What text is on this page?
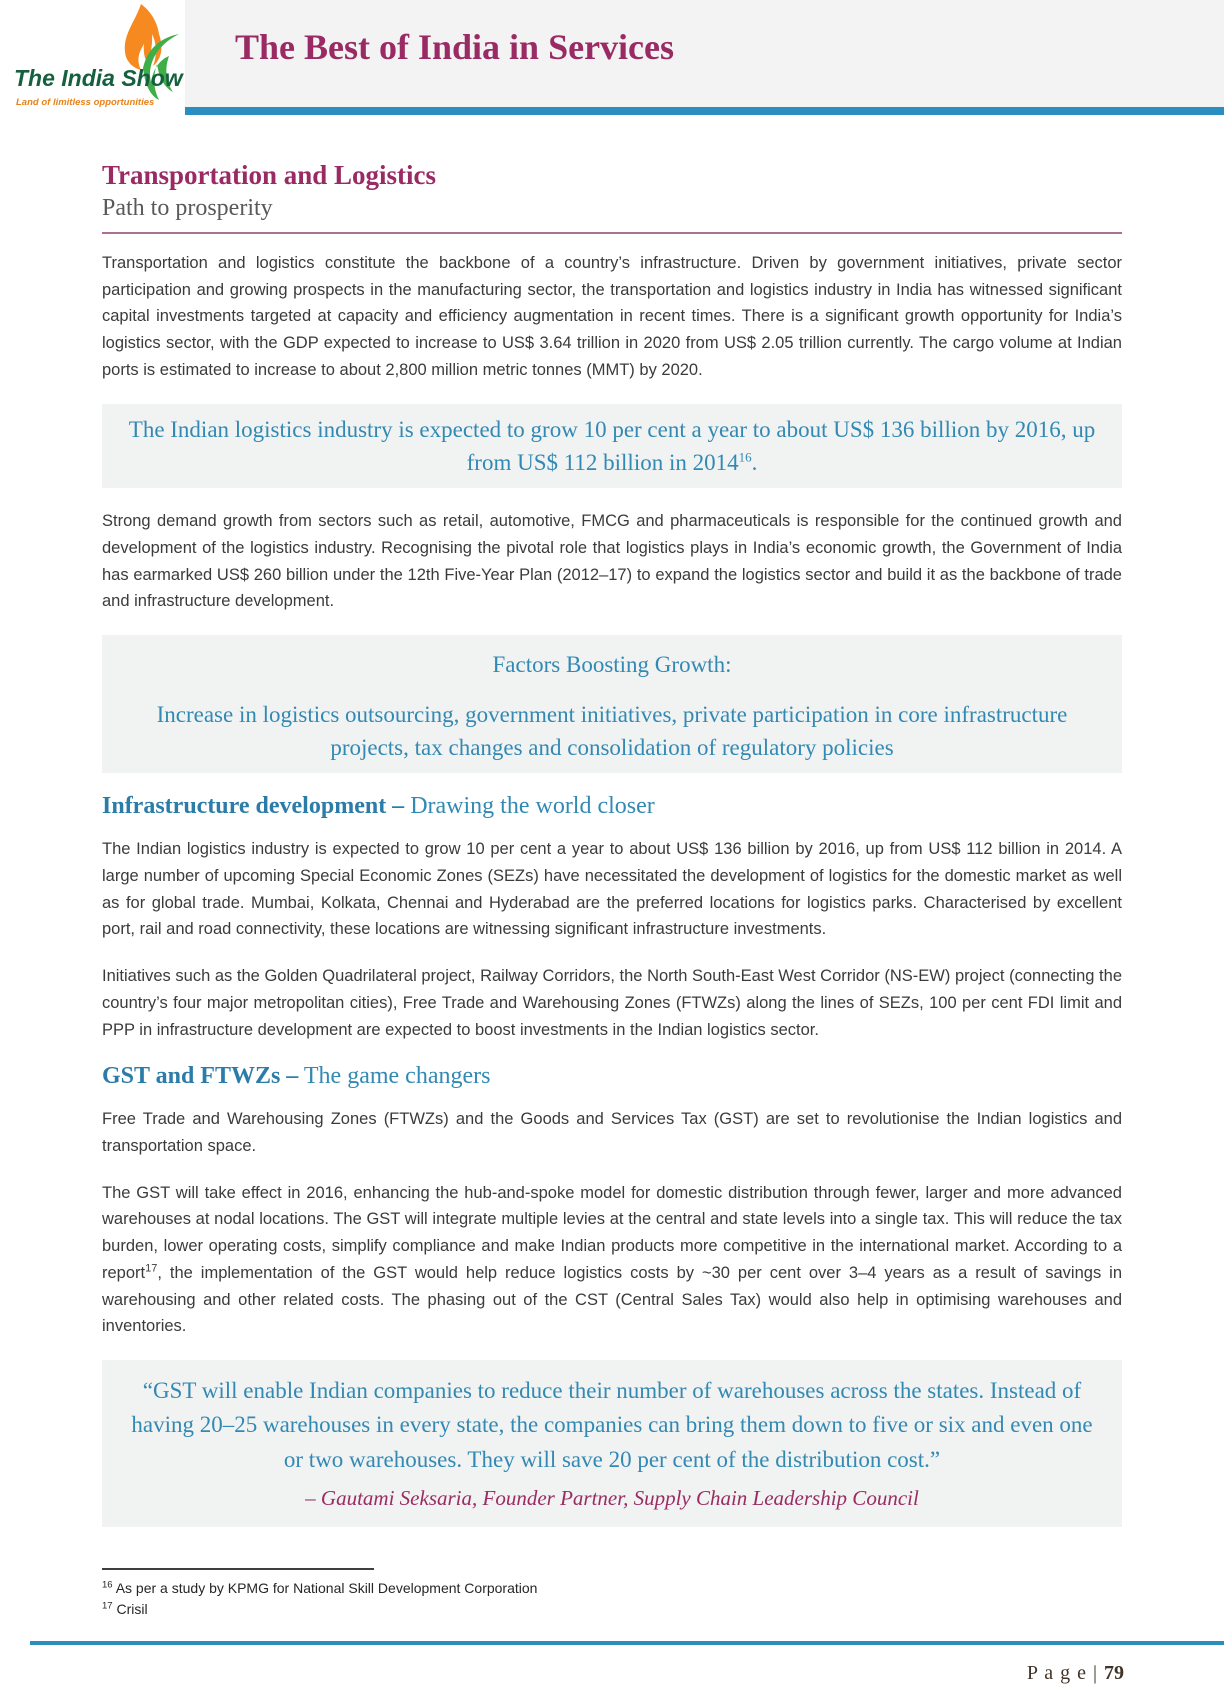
The Best of India in Services
The India Show
Land of limitless opportunities
Transportation and Logistics
Path to prosperity

Transportation and logistics constitute the backbone of a country’s infrastructure. Driven by government initiatives, private sector participation and growing prospects in the manufacturing sector, the transportation and logistics industry in India has witnessed significant capital investments targeted at capacity and efficiency augmentation in recent times. There is a significant growth opportunity for India’s logistics sector, with the GDP expected to increase to US$ 3.64 trillion in 2020 from US$ 2.05 trillion currently. The cargo volume at Indian ports is estimated to increase to about 2,800 million metric tonnes (MMT) by 2020.

The Indian logistics industry is expected to grow 10 per cent a year to about US$ 136 billion by 2016, up from US$ 112 billion in 2014$^{16}$.

Strong demand growth from sectors such as retail, automotive, FMCG and pharmaceuticals is responsible for the continued growth and development of the logistics industry. Recognising the pivotal role that logistics plays in India’s economic growth, the Government of India has earmarked US$ 260 billion under the 12th Five-Year Plan (2012–17) to expand the logistics sector and build it as the backbone of trade and infrastructure development.

Factors Boosting Growth:
Increase in logistics outsourcing, government initiatives, private participation in core infrastructure projects, tax changes and consolidation of regulatory policies
Infrastructure development – Drawing the world closer

The Indian logistics industry is expected to grow 10 per cent a year to about US$ 136 billion by 2016, up from US$ 112 billion in 2014. A large number of upcoming Special Economic Zones (SEZs) have necessitated the development of logistics for the domestic market as well as for global trade. Mumbai, Kolkata, Chennai and Hyderabad are the preferred locations for logistics parks. Characterised by excellent port, rail and road connectivity, these locations are witnessing significant infrastructure investments.

Initiatives such as the Golden Quadrilateral project, Railway Corridors, the North South-East West Corridor (NS-EW) project (connecting the country’s four major metropolitan cities), Free Trade and Warehousing Zones (FTWZs) along the lines of SEZs, 100 per cent FDI limit and PPP in infrastructure development are expected to boost investments in the Indian logistics sector.

GST and FTWZs – The game changers

Free Trade and Warehousing Zones (FTWZs) and the Goods and Services Tax (GST) are set to revolutionise the Indian logistics and transportation space.

The GST will take effect in 2016, enhancing the hub-and-spoke model for domestic distribution through fewer, larger and more advanced warehouses at nodal locations. The GST will integrate multiple levies at the central and state levels into a single tax. This will reduce the tax burden, lower operating costs, simplify compliance and make Indian products more competitive in the international market. According to a report$^{17}$, the implementation of the GST would help reduce logistics costs by ~30 per cent over 3–4 years as a result of savings in warehousing and other related costs. The phasing out of the CST (Central Sales Tax) would also help in optimising warehouses and inventories.

“GST will enable Indian companies to reduce their number of warehouses across the states. Instead of having 20–25 warehouses in every state, the companies can bring them down to five or six and even one or two warehouses. They will save 20 per cent of the distribution cost.”
– Gautami Seksaria, Founder Partner, Supply Chain Leadership Council
$^{16}$ As per a study by KPMG for National Skill Development Corporation
$^{17}$ Crisil
P a g e | 79
